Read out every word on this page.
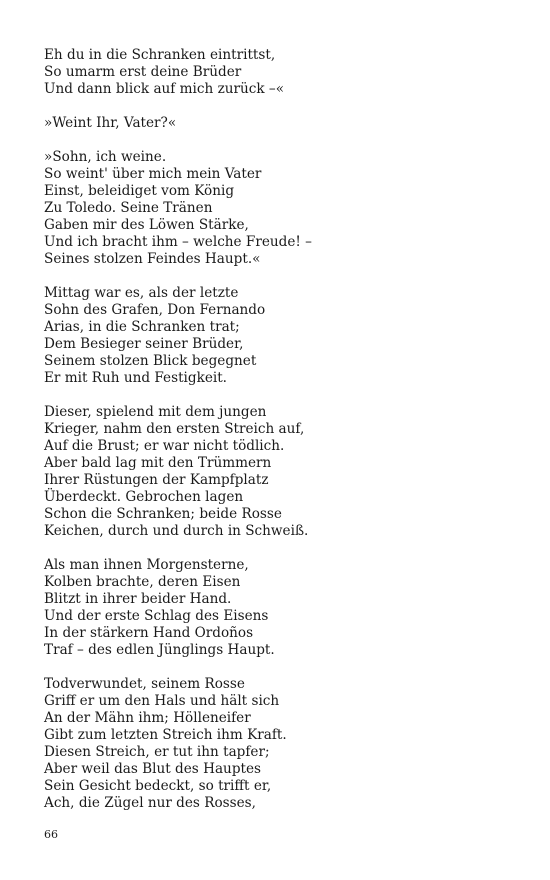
Eh du in die Schranken eintrittst,
So umarm erst deine Brüder
Und dann blick auf mich zurück –«
»Weint Ihr, Vater?«
»Sohn, ich weine.
So weint' über mich mein Vater
Einst, beleidiget vom König
Zu Toledo. Seine Tränen
Gaben mir des Löwen Stärke,
Und ich bracht ihm – welche Freude! –
Seines stolzen Feindes Haupt.«
Mittag war es, als der letzte
Sohn des Grafen, Don Fernando
Arias, in die Schranken trat;
Dem Besieger seiner Brüder,
Seinem stolzen Blick begegnet
Er mit Ruh und Festigkeit.
Dieser, spielend mit dem jungen
Krieger, nahm den ersten Streich auf,
Auf die Brust; er war nicht tödlich.
Aber bald lag mit den Trümmern
Ihrer Rüstungen der Kampfplatz
Überdeckt. Gebrochen lagen
Schon die Schranken; beide Rosse
Keichen, durch und durch in Schweiß.
Als man ihnen Morgensterne,
Kolben brachte, deren Eisen
Blitzt in ihrer beider Hand.
Und der erste Schlag des Eisens
In der stärkern Hand Ordoños
Traf – des edlen Jünglings Haupt.
Todverwundet, seinem Rosse
Griff er um den Hals und hält sich
An der Mähn ihm; Hölleneifer
Gibt zum letzten Streich ihm Kraft.
Diesen Streich, er tut ihn tapfer;
Aber weil das Blut des Hauptes
Sein Gesicht bedeckt, so trifft er,
Ach, die Zügel nur des Rosses,
66
